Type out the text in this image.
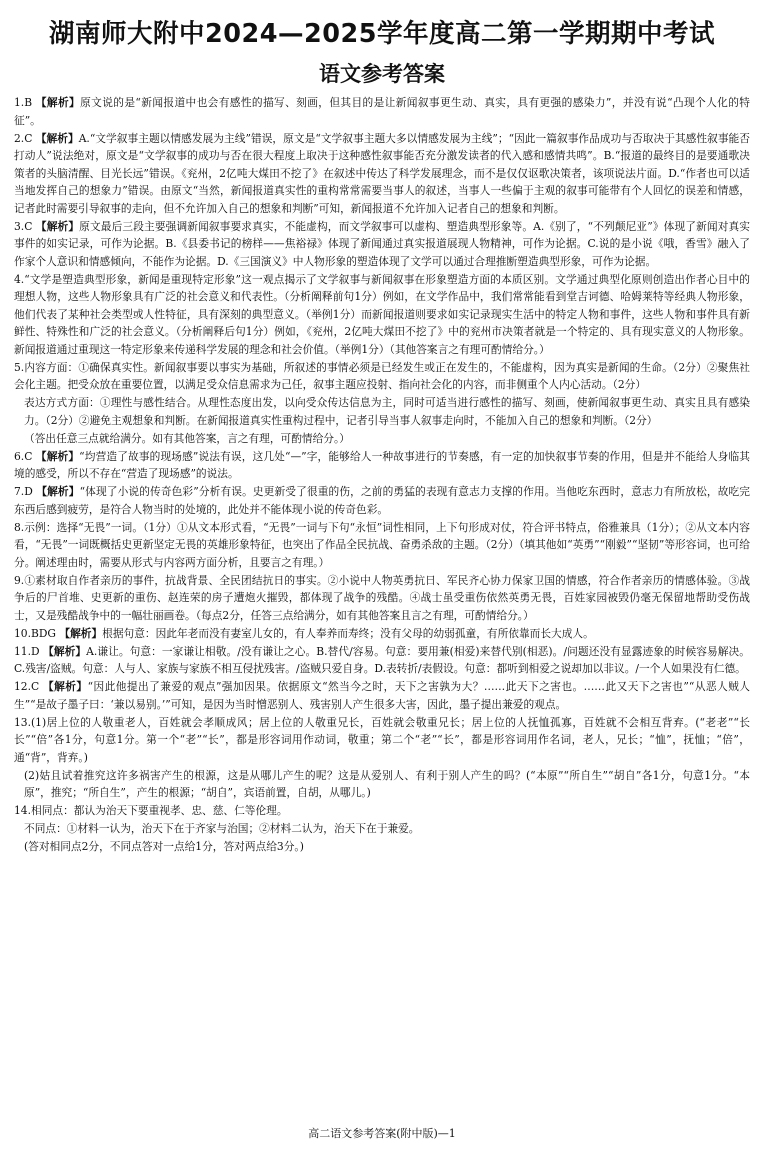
湖南师大附中2024—2025学年度高二第一学期期中考试
语文参考答案
1.B 【解析】原文说的是“新闻报道中也会有感性的描写、刻画，但其目的是让新闻叙事更生动、真实，具有更强的感染力”，并没有说“凸现个人化的特征”。
2.C 【解析】A.“文学叙事主题以情感发展为主线”错误，原文是“文学叙事主题大多以情感发展为主线”；“因此一篇叙事作品成功与否取决于其感性叙事能否打动人”说法绝对，原文是“文学叙事的成功与否在很大程度上取决于这种感性叙事能否充分激发读者的代入感和感情共鸣”。B.“报道的最终目的是要通歌决策者的头脑清醒、目光长远”错误。《兖州，2亿吨大煤田不挖了》在叙述中传达了科学发展理念，而不是仅仅讴歌决策者，该项说法片面。D.“作者也可以适当地发挥自己的想象力”错误。由原文“当然，新闻报道真实性的重构常常需要当事人的叙述，当事人一些偏于主观的叙事可能带有个人回忆的误差和情感，记者此时需要引导叙事的走向，但不允许加入自己的想象和判断”可知，新闻报道不允许加入记者自己的想象和判断。
3.C 【解析】原文最后三段主要强调新闻叙事要求真实，不能虚构，而文学叙事可以虚构、塑造典型形象等。A.《别了，“不列颠尼亚”》体现了新闻对真实事件的如实记录，可作为论据。B.《县委书记的榜样——焦裕禄》体现了新闻通过真实报道展现人物精神，可作为论据。C.说的是小说《哦，香雪》融入了作家个人意识和情感倾向，不能作为论据。D.《三国演义》中人物形象的塑造体现了文学可以通过合理推断塑造典型形象，可作为论据。
4.“文学是塑造典型形象，新闻是重现特定形象”这一观点揭示了文学叙事与新闻叙事在形象塑造方面的本质区别。文学通过典型化原则创造出作者心目中的理想人物，这些人物形象具有广泛的社会意义和代表性。（分析阐释前句1分）例如，在文学作品中，我们常常能看到堂吉诃德、哈姆莱特等经典人物形象，他们代表了某种社会类型或人性特征，具有深刻的典型意义。（举例1分）而新闻报道则要求如实记录现实生活中的特定人物和事件，这些人物和事件具有新鲜性、特殊性和广泛的社会意义。（分析阐释后句1分）例如，《兖州，2亿吨大煤田不挖了》中的兖州市决策者就是一个特定的、具有现实意义的人物形象。新闻报道通过重现这一特定形象来传递科学发展的理念和社会价值。（举例1分）（其他答案言之有理可酌情给分。）
5.内容方面：①确保真实性。新闻叙事要以事实为基础，所叙述的事情必须是已经发生或正在发生的，不能虚构，因为真实是新闻的生命。（2分）②聚焦社会化主题。把受众放在重要位置，以满足受众信息需求为己任，叙事主题应投射、指向社会化的内容，而非侧重个人内心活动。（2分）
表达方式方面：①理性与感性结合。从理性态度出发，以向受众传达信息为主，同时可适当进行感性的描写、刻画，使新闻叙事更生动、真实且具有感染力。（2分）②避免主观想象和判断。在新闻报道真实性重构过程中，记者引导当事人叙事走向时，不能加入自己的想象和判断。（2分）
（答出任意三点就给满分。如有其他答案，言之有理，可酌情给分。）
6.C 【解析】“均营造了故事的现场感”说法有误，这几处“—”字，能够给人一种故事进行的节奏感，有一定的加快叙事节奏的作用，但是并不能给人身临其境的感受，所以不存在“营造了现场感”的说法。
7.D 【解析】“体现了小说的传奇色彩”分析有误。史更新受了很重的伤，之前的勇猛的表现有意志力支撑的作用。当他吃东西时，意志力有所放松，故吃完东西后感到疲劳，是符合人物当时的处境的，此处并不能体现小说的传奇色彩。
8.示例：选择“无畏”一词。（1分）①从文本形式看，“无畏”一词与下句“永恒”词性相同，上下句形成对仗，符合评书特点，俗雅兼具（1分）；②从文本内容看，“无畏”一词既概括史更新坚定无畏的英雄形象特征，也突出了作品全民抗战、奋勇杀敌的主题。（2分）（填其他如“英勇”“刚毅”“坚韧”等形容词，也可给分。阐述理由时，需要从形式与内容两方面分析，且要言之有理。）
9.①素材取自作者亲历的事件，抗战背景、全民团结抗日的事实。②小说中人物英勇抗日、军民齐心协力保家卫国的情感，符合作者亲历的情感体验。③战争后的尸首堆、史更新的重伤、赵连荣的房子遭炮火摧毁，都体现了战争的残酷。④战士虽受重伤依然英勇无畏，百姓家园被毁仍毫无保留地帮助受伤战士，又是残酷战争中的一幅壮丽画卷。（每点2分，任答三点给满分，如有其他答案且言之有理，可酌情给分。）
10.BDG 【解析】根据句意：因此年老而没有妻室儿女的，有人奉养而寿终；没有父母的幼弱孤童，有所依靠而长大成人。
11.D 【解析】A.谦让。句意：一家谦让相敬。/没有谦让之心。B.替代/容易。句意：要用兼(相爱)来替代别(相恶)。/问题还没有显露迹象的时候容易解决。C.残害/盗贼。句意：人与人、家族与家族不相互侵扰残害。/盗贼只爱自身。D.表转折/表假设。句意：都听到相爱之说却加以非议。/一个人如果没有仁德。
12.C 【解析】“因此他提出了兼爱的观点”强加因果。依据原文“然当今之时，天下之害孰为大？……此天下之害也。……此又天下之害也”“从恶人贼人生”“是故子墨子曰：‘兼以易别。’”可知，是因为当时憎恶别人、残害别人产生很多大害，因此，墨子提出兼爱的观点。
13.(1)居上位的人敬重老人，百姓就会孝顺成风；居上位的人敬重兄长，百姓就会敬重兄长；居上位的人抚恤孤寡，百姓就不会相互背弃。(“老老”“长长”“倍”各1分，句意1分。第一个“老”“长”，都是形容词用作动词，敬重；第二个“老”“长”，都是形容词用作名词，老人，兄长；“恤”，抚恤；“倍”，通“背”，背弃。)
(2)姑且试着推究这许多祸害产生的根源，这是从哪儿产生的呢？这是从爱别人、有利于别人产生的吗？(“本原”“所自生”“胡自”各1分，句意1分。“本原”，推究；“所自生”，产生的根源；“胡自”，宾语前置，自胡，从哪儿。)
14.相同点：都认为治天下要重视孝、忠、慈、仁等伦理。
不同点：①材料一认为，治天下在于齐家与治国；②材料二认为，治天下在于兼爱。
(答对相同点2分，不同点答对一点给1分，答对两点给3分。)
高二语文参考答案(附中版)—1
